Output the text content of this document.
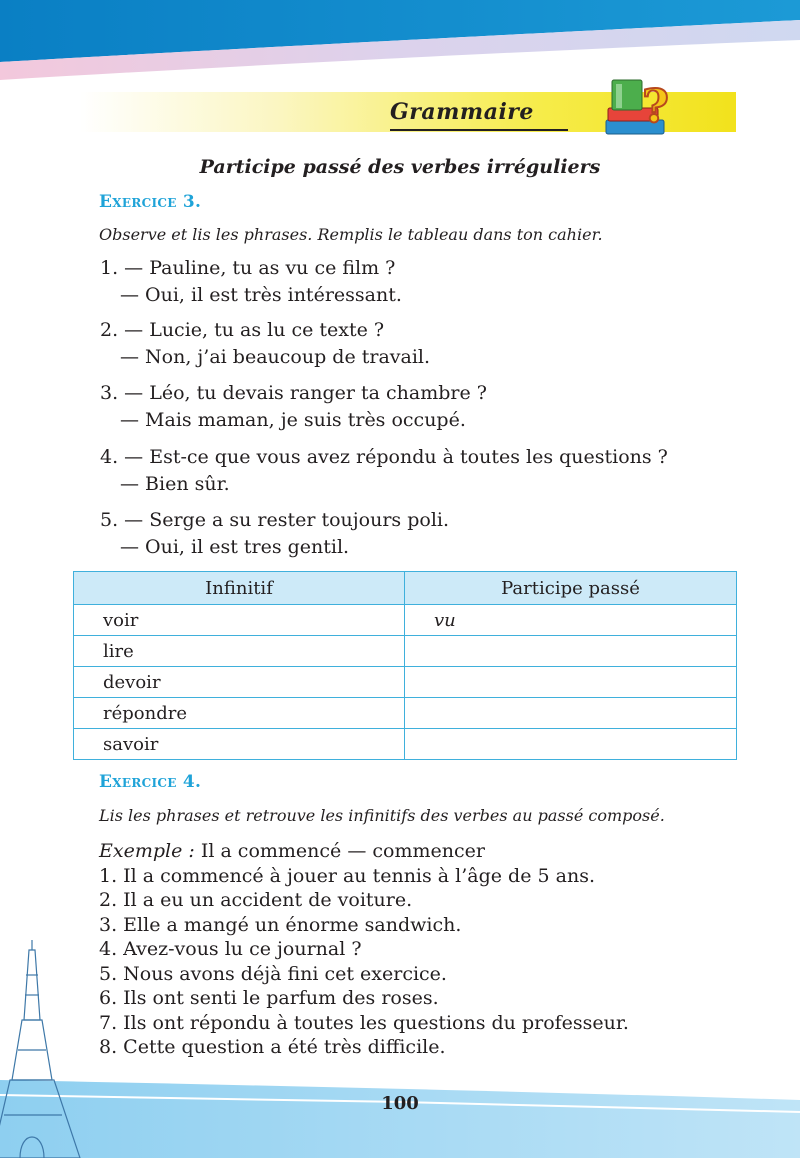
Grammaire ?
Participe passé des verbes irréguliers
Exercice 3.
Observe et lis les phrases. Remplis le tableau dans ton cahier.
1. — Pauline, tu as vu ce film ?
— Oui, il est très intéressant.
2. — Lucie, tu as lu ce texte ?
— Non, j’ai beaucoup de travail.
3. — Léo, tu devais ranger ta chambre ?
— Mais maman, je suis très occupé.
4. — Est-ce que vous avez répondu à toutes les questions ?
— Bien sûr.
5. — Serge a su rester toujours poli.
— Oui, il est tres gentil.
Infinitif	Participe passé
voir	vu
lire	
devoir	
répondre	
savoir	
Exercice 4.
Lis les phrases et retrouve les infinitifs des verbes au passé composé.
Exemple : Il a commencé — commencer
1. Il a commencé à jouer au tennis à l’âge de 5 ans.
2. Il a eu un accident de voiture.
3. Elle a mangé un énorme sandwich.
4. Avez-vous lu ce journal ?
5. Nous avons déjà fini cet exercice.
6. Ils ont senti le parfum des roses.
7. Ils ont répondu à toutes les questions du professeur.
8. Cette question a été très difficile.
100
